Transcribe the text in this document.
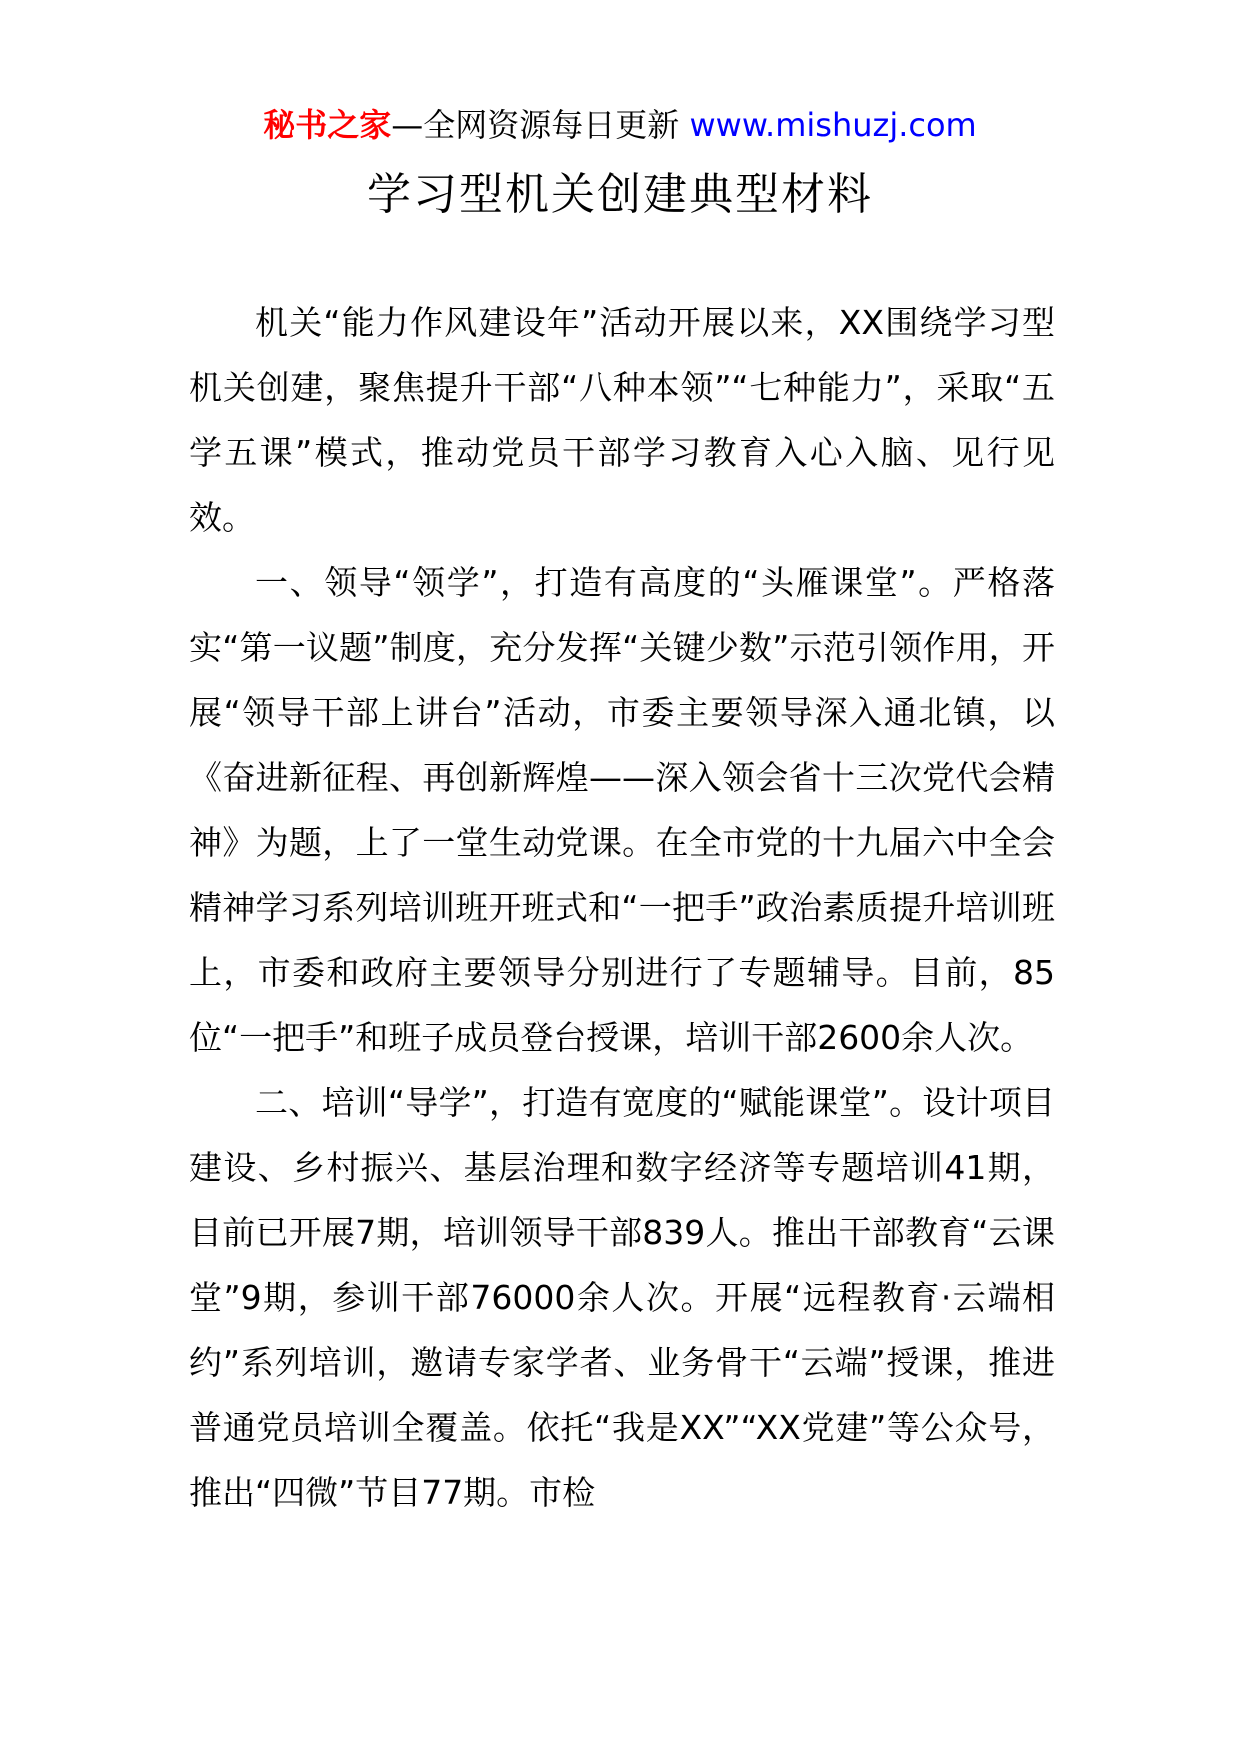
秘书之家—全网资源每日更新 www.mishuzj.com
学习型机关创建典型材料

机关“能力作风建设年”活动开展以来，XX围绕学习型机关创建，聚焦提升干部“八种本领”“七种能力”，采取“五学五课”模式，推动党员干部学习教育入心入脑、见行见效。

一、领导“领学”，打造有高度的“头雁课堂”。严格落实“第一议题”制度，充分发挥“关键少数”示范引领作用，开展“领导干部上讲台”活动，市委主要领导深入通北镇，以《奋进新征程、再创新辉煌——深入领会省十三次党代会精神》为题，上了一堂生动党课。在全市党的十九届六中全会精神学习系列培训班开班式和“一把手”政治素质提升培训班上，市委和政府主要领导分别进行了专题辅导。目前，85位“一把手”和班子成员登台授课，培训干部2600余人次。

二、培训“导学”，打造有宽度的“赋能课堂”。设计项目建设、乡村振兴、基层治理和数字经济等专题培训41期，目前已开展7期，培训领导干部839人。推出干部教育“云课堂”9期，参训干部76000余人次。开展“远程教育·云端相约”系列培训，邀请专家学者、业务骨干“云端”授课，推进普通党员培训全覆盖。依托“我是XX”“XX党建”等公众号，推出“四微”节目77期。市检
